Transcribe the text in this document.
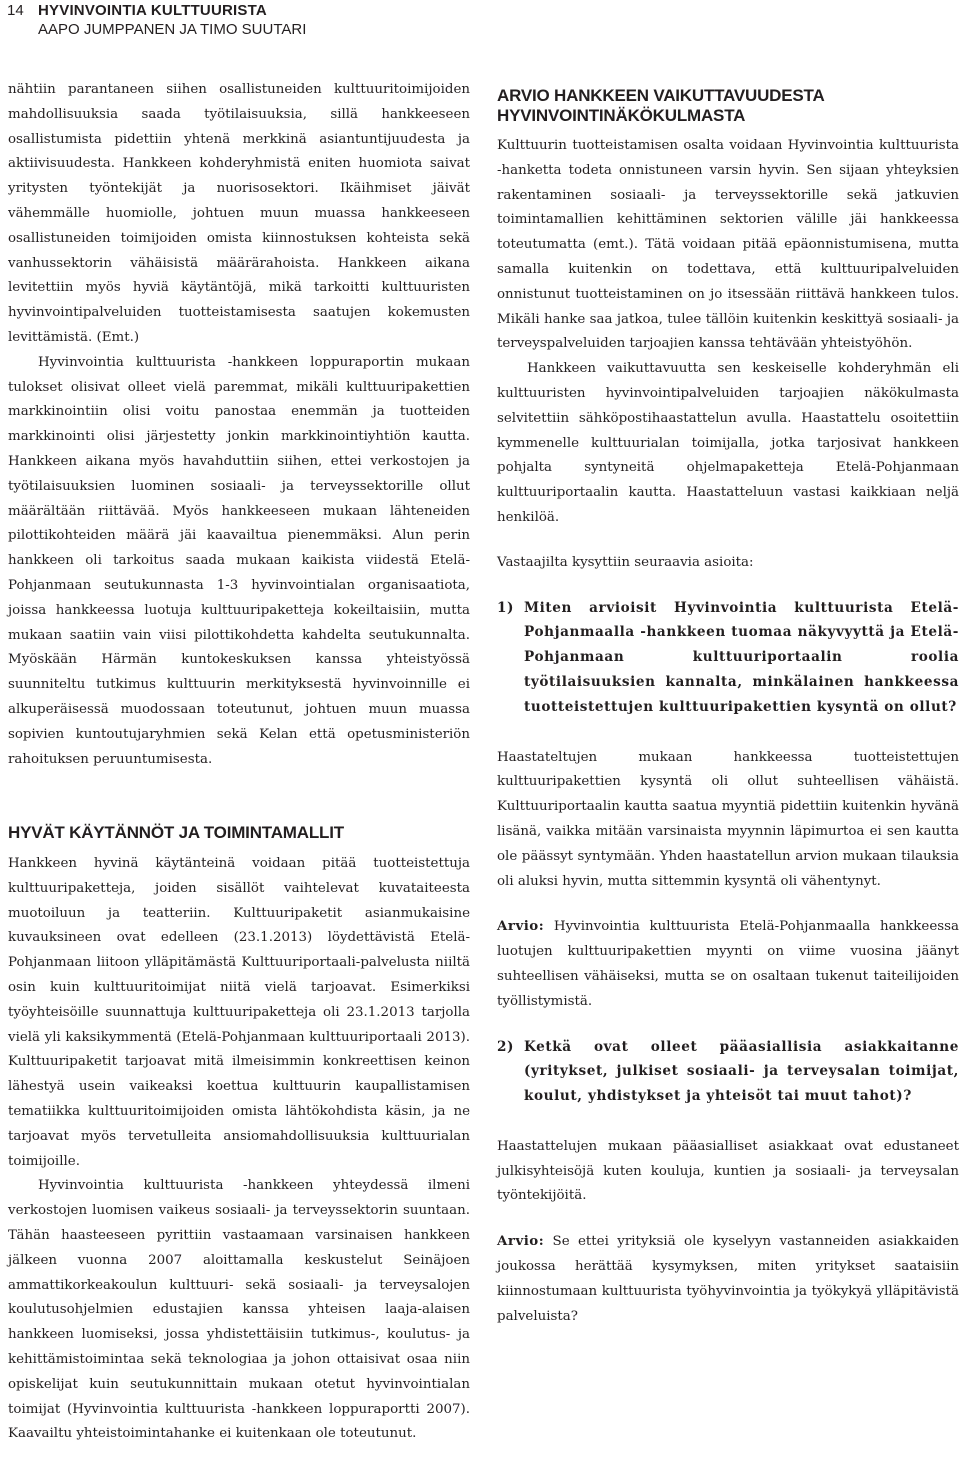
14 HYVINVOINTIA KULTTUURISTA
AAPO JUMPPANEN JA TIMO SUUTARI

nähtiin parantaneen siihen osallistuneiden kulttuuritoimijoiden mahdollisuuksia saada työtilaisuuksia, sillä hankkeeseen osallistumista pidettiin yhtenä merkkinä asiantuntijuudesta ja aktiivisuudesta. Hankkeen kohderyhmistä eniten huomiota saivat yritysten työntekijät ja nuorisosektori. Ikäihmiset jäivät vähemmälle huomiolle, johtuen muun muassa hankkeeseen osallistuneiden toimijoiden omista kiinnostuksen kohteista sekä vanhussektorin vähäisistä määrärahoista. Hankkeen aikana levitettiin myös hyviä käytäntöjä, mikä tarkoitti kulttuuristen hyvinvointipalveluiden tuotteistamisesta saatujen kokemusten levittämistä. (Emt.)

Hyvinvointia kulttuurista -hankkeen loppuraportin mukaan tulokset olisivat olleet vielä paremmat, mikäli kulttuuripakettien markkinointiin olisi voitu panostaa enemmän ja tuotteiden markkinointi olisi järjestetty jonkin markkinointiyhtiön kautta. Hankkeen aikana myös havahduttiin siihen, ettei verkostojen ja työtilaisuuksien luominen sosiaali- ja terveyssektorille ollut määrältään riittävää. Myös hankkeeseen mukaan lähteneiden pilottikohteiden määrä jäi kaavailtua pienemmäksi. Alun perin hankkeen oli tarkoitus saada mukaan kaikista viidestä Etelä-Pohjanmaan seutukunnasta 1-3 hyvinvointialan organisaatiota, joissa hankkeessa luotuja kulttuuripaketteja kokeiltaisiin, mutta mukaan saatiin vain viisi pilottikohdetta kahdelta seutukunnalta. Myöskään Härmän kuntokeskuksen kanssa yhteistyössä suunniteltu tutkimus kulttuurin merkityksestä hyvinvoinnille ei alkuperäisessä muodossaan toteutunut, johtuen muun muassa sopivien kuntoutujaryhmien sekä Kelan että opetusministeriön rahoituksen peruuntumisesta.

HYVÄT KÄYTÄNNÖT JA TOIMINTAMALLIT

Hankkeen hyvinä käytänteinä voidaan pitää tuotteistettuja kulttuuripaketteja, joiden sisällöt vaihtelevat kuvataiteesta muotoiluun ja teatteriin. Kulttuuripaketit asianmukaisine kuvauksineen ovat edelleen (23.1.2013) löydettävistä Etelä-Pohjanmaan liitoon ylläpitämästä Kulttuuriportaali-palvelusta niiltä osin kuin kulttuuritoimijat niitä vielä tarjoavat. Esimerkiksi työyhteisöille suunnattuja kulttuuripaketteja oli 23.1.2013 tarjolla vielä yli kaksikymmentä (Etelä-Pohjanmaan kulttuuriportaali 2013). Kulttuuripaketit tarjoavat mitä ilmeisimmin konkreettisen keinon lähestyä usein vaikeaksi koettua kulttuurin kaupallistamisen tematiikka kulttuuritoimijoiden omista lähtökohdista käsin, ja ne tarjoavat myös tervetulleita ansiomahdollisuuksia kulttuurialan toimijoille.

Hyvinvointia kulttuurista -hankkeen yhteydessä ilmeni verkostojen luomisen vaikeus sosiaali- ja terveyssektorin suuntaan. Tähän haasteeseen pyrittiin vastaamaan varsinaisen hankkeen jälkeen vuonna 2007 aloittamalla keskustelut Seinäjoen ammattikorkeakoulun kulttuuri- sekä sosiaali- ja terveysalojen koulutusohjelmien edustajien kanssa yhteisen laaja-alaisen hankkeen luomiseksi, jossa yhdistettäisiin tutkimus-, koulutus- ja kehittämistoimintaa sekä teknologiaa ja johon ottaisivat osaa niin opiskelijat kuin seutukunnittain mukaan otetut hyvinvointialan toimijat (Hyvinvointia kulttuurista -hankkeen loppuraportti 2007). Kaavailtu yhteistoimintahanke ei kuitenkaan ole toteutunut.

ARVIO HANKKEEN VAIKUTTAVUUDESTA
HYVINVOINTINÄKÖKULMASTA

Kulttuurin tuotteistamisen osalta voidaan Hyvinvointia kulttuurista -hanketta todeta onnistuneen varsin hyvin. Sen sijaan yhteyksien rakentaminen sosiaali- ja terveyssektorille sekä jatkuvien toimintamallien kehittäminen sektorien välille jäi hankkeessa toteutumatta (emt.). Tätä voidaan pitää epäonnistumisena, mutta samalla kuitenkin on todettava, että kulttuuripalveluiden onnistunut tuotteistaminen on jo itsessään riittävä hankkeen tulos. Mikäli hanke saa jatkoa, tulee tällöin kuitenkin keskittyä sosiaali- ja terveyspalveluiden tarjoajien kanssa tehtävään yhteistyöhön.

Hankkeen vaikuttavuutta sen keskeiselle kohderyhmän eli kulttuuristen hyvinvointipalveluiden tarjoajien näkökulmasta selvitettiin sähköpostihaastattelun avulla. Haastattelu osoitettiin kymmenelle kulttuurialan toimijalla, jotka tarjosivat hankkeen pohjalta syntyneitä ohjelmapaketteja Etelä-Pohjanmaan kulttuuriportaalin kautta. Haastatteluun vastasi kaikkiaan neljä henkilöä.

Vastaajilta kysyttiin seuraavia asioita:

1) Miten arvioisit Hyvinvointia kulttuurista Etelä-Pohjanmaalla -hankkeen tuomaa näkyvyyttä ja Etelä-Pohjanmaan kulttuuriportaalin roolia työtilaisuuksien kannalta, minkälainen hankkeessa tuotteistettujen kulttuuripakettien kysyntä on ollut?

Haastateltujen mukaan hankkeessa tuotteistettujen kulttuuripakettien kysyntä oli ollut suhteellisen vähäistä. Kulttuuriportaalin kautta saatua myyntiä pidettiin kuitenkin hyvänä lisänä, vaikka mitään varsinaista myynnin läpimurtoa ei sen kautta ole päässyt syntymään. Yhden haastatellun arvion mukaan tilauksia oli aluksi hyvin, mutta sittemmin kysyntä oli vähentynyt.

Arvio: Hyvinvointia kulttuurista Etelä-Pohjanmaalla hankkeessa luotujen kulttuuripakettien myynti on viime vuosina jäänyt suhteellisen vähäiseksi, mutta se on osaltaan tukenut taiteilijoiden työllistymistä.

2) Ketkä ovat olleet pääasiallisia asiakkaitanne (yritykset, julkiset sosiaali- ja terveysalan toimijat, koulut, yhdistykset ja yhteisöt tai muut tahot)?

Haastattelujen mukaan pääasialliset asiakkaat ovat edustaneet julkisyhteisöjä kuten kouluja, kuntien ja sosiaali- ja terveysalan työntekijöitä.

Arvio: Se ettei yrityksiä ole kyselyyn vastanneiden asiakkaiden joukossa herättää kysymyksen, miten yritykset saataisiin kiinnostumaan kulttuurista työhyvinvointia ja työkykyä ylläpitävistä palveluista?
